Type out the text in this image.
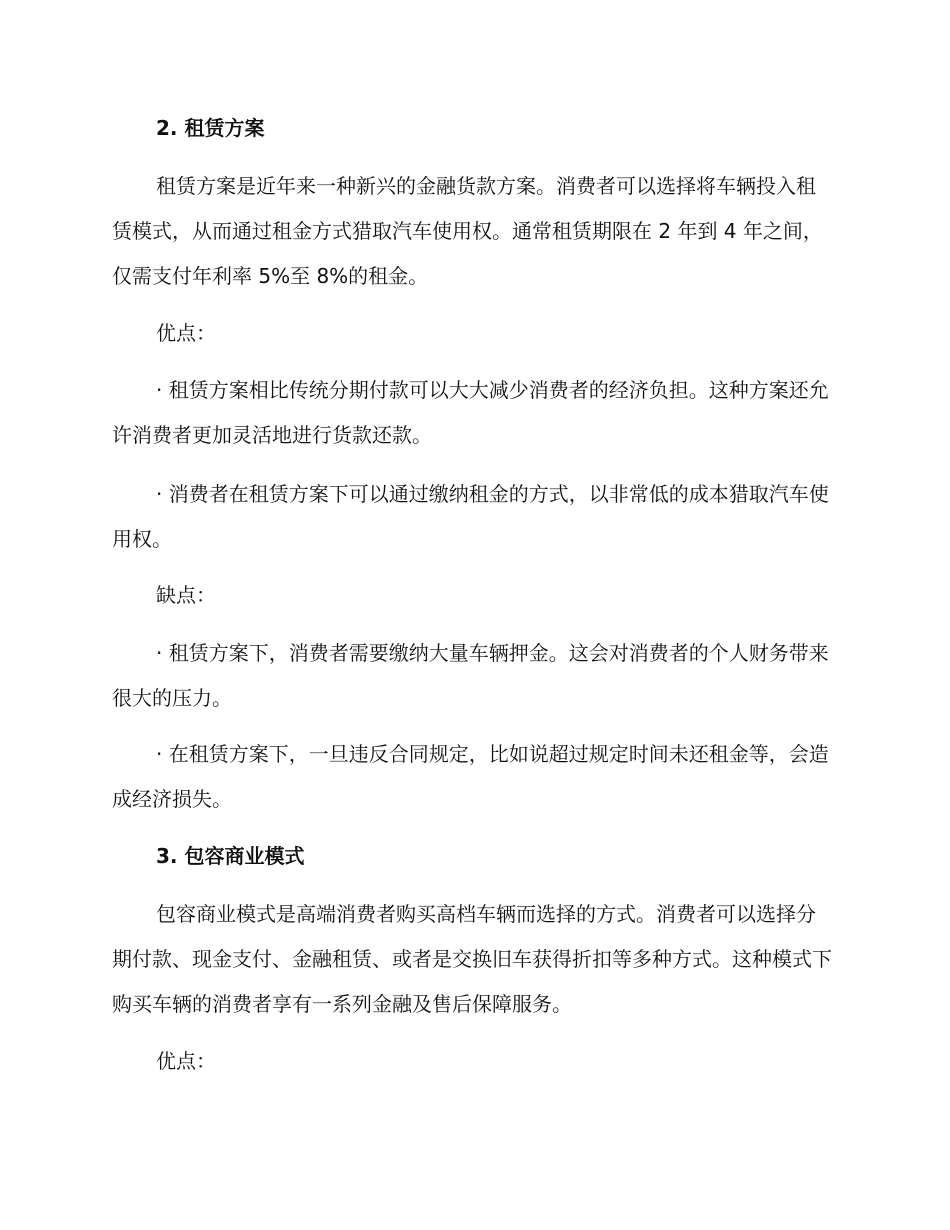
2. 租赁方案

租赁方案是近年来一种新兴的金融货款方案。消费者可以选择将车辆投入租赁模式，从而通过租金方式猎取汽车使用权。通常租赁期限在 2 年到 4 年之间，仅需支付年利率 5%至 8%的租金。

优点：

· 租赁方案相比传统分期付款可以大大减少消费者的经济负担。这种方案还允许消费者更加灵活地进行货款还款。

· 消费者在租赁方案下可以通过缴纳租金的方式，以非常低的成本猎取汽车使用权。

缺点：

· 租赁方案下，消费者需要缴纳大量车辆押金。这会对消费者的个人财务带来很大的压力。

· 在租赁方案下，一旦违反合同规定，比如说超过规定时间未还租金等，会造成经济损失。

3. 包容商业模式

包容商业模式是高端消费者购买高档车辆而选择的方式。消费者可以选择分期付款、现金支付、金融租赁、或者是交换旧车获得折扣等多种方式。这种模式下购买车辆的消费者享有一系列金融及售后保障服务。

优点：
